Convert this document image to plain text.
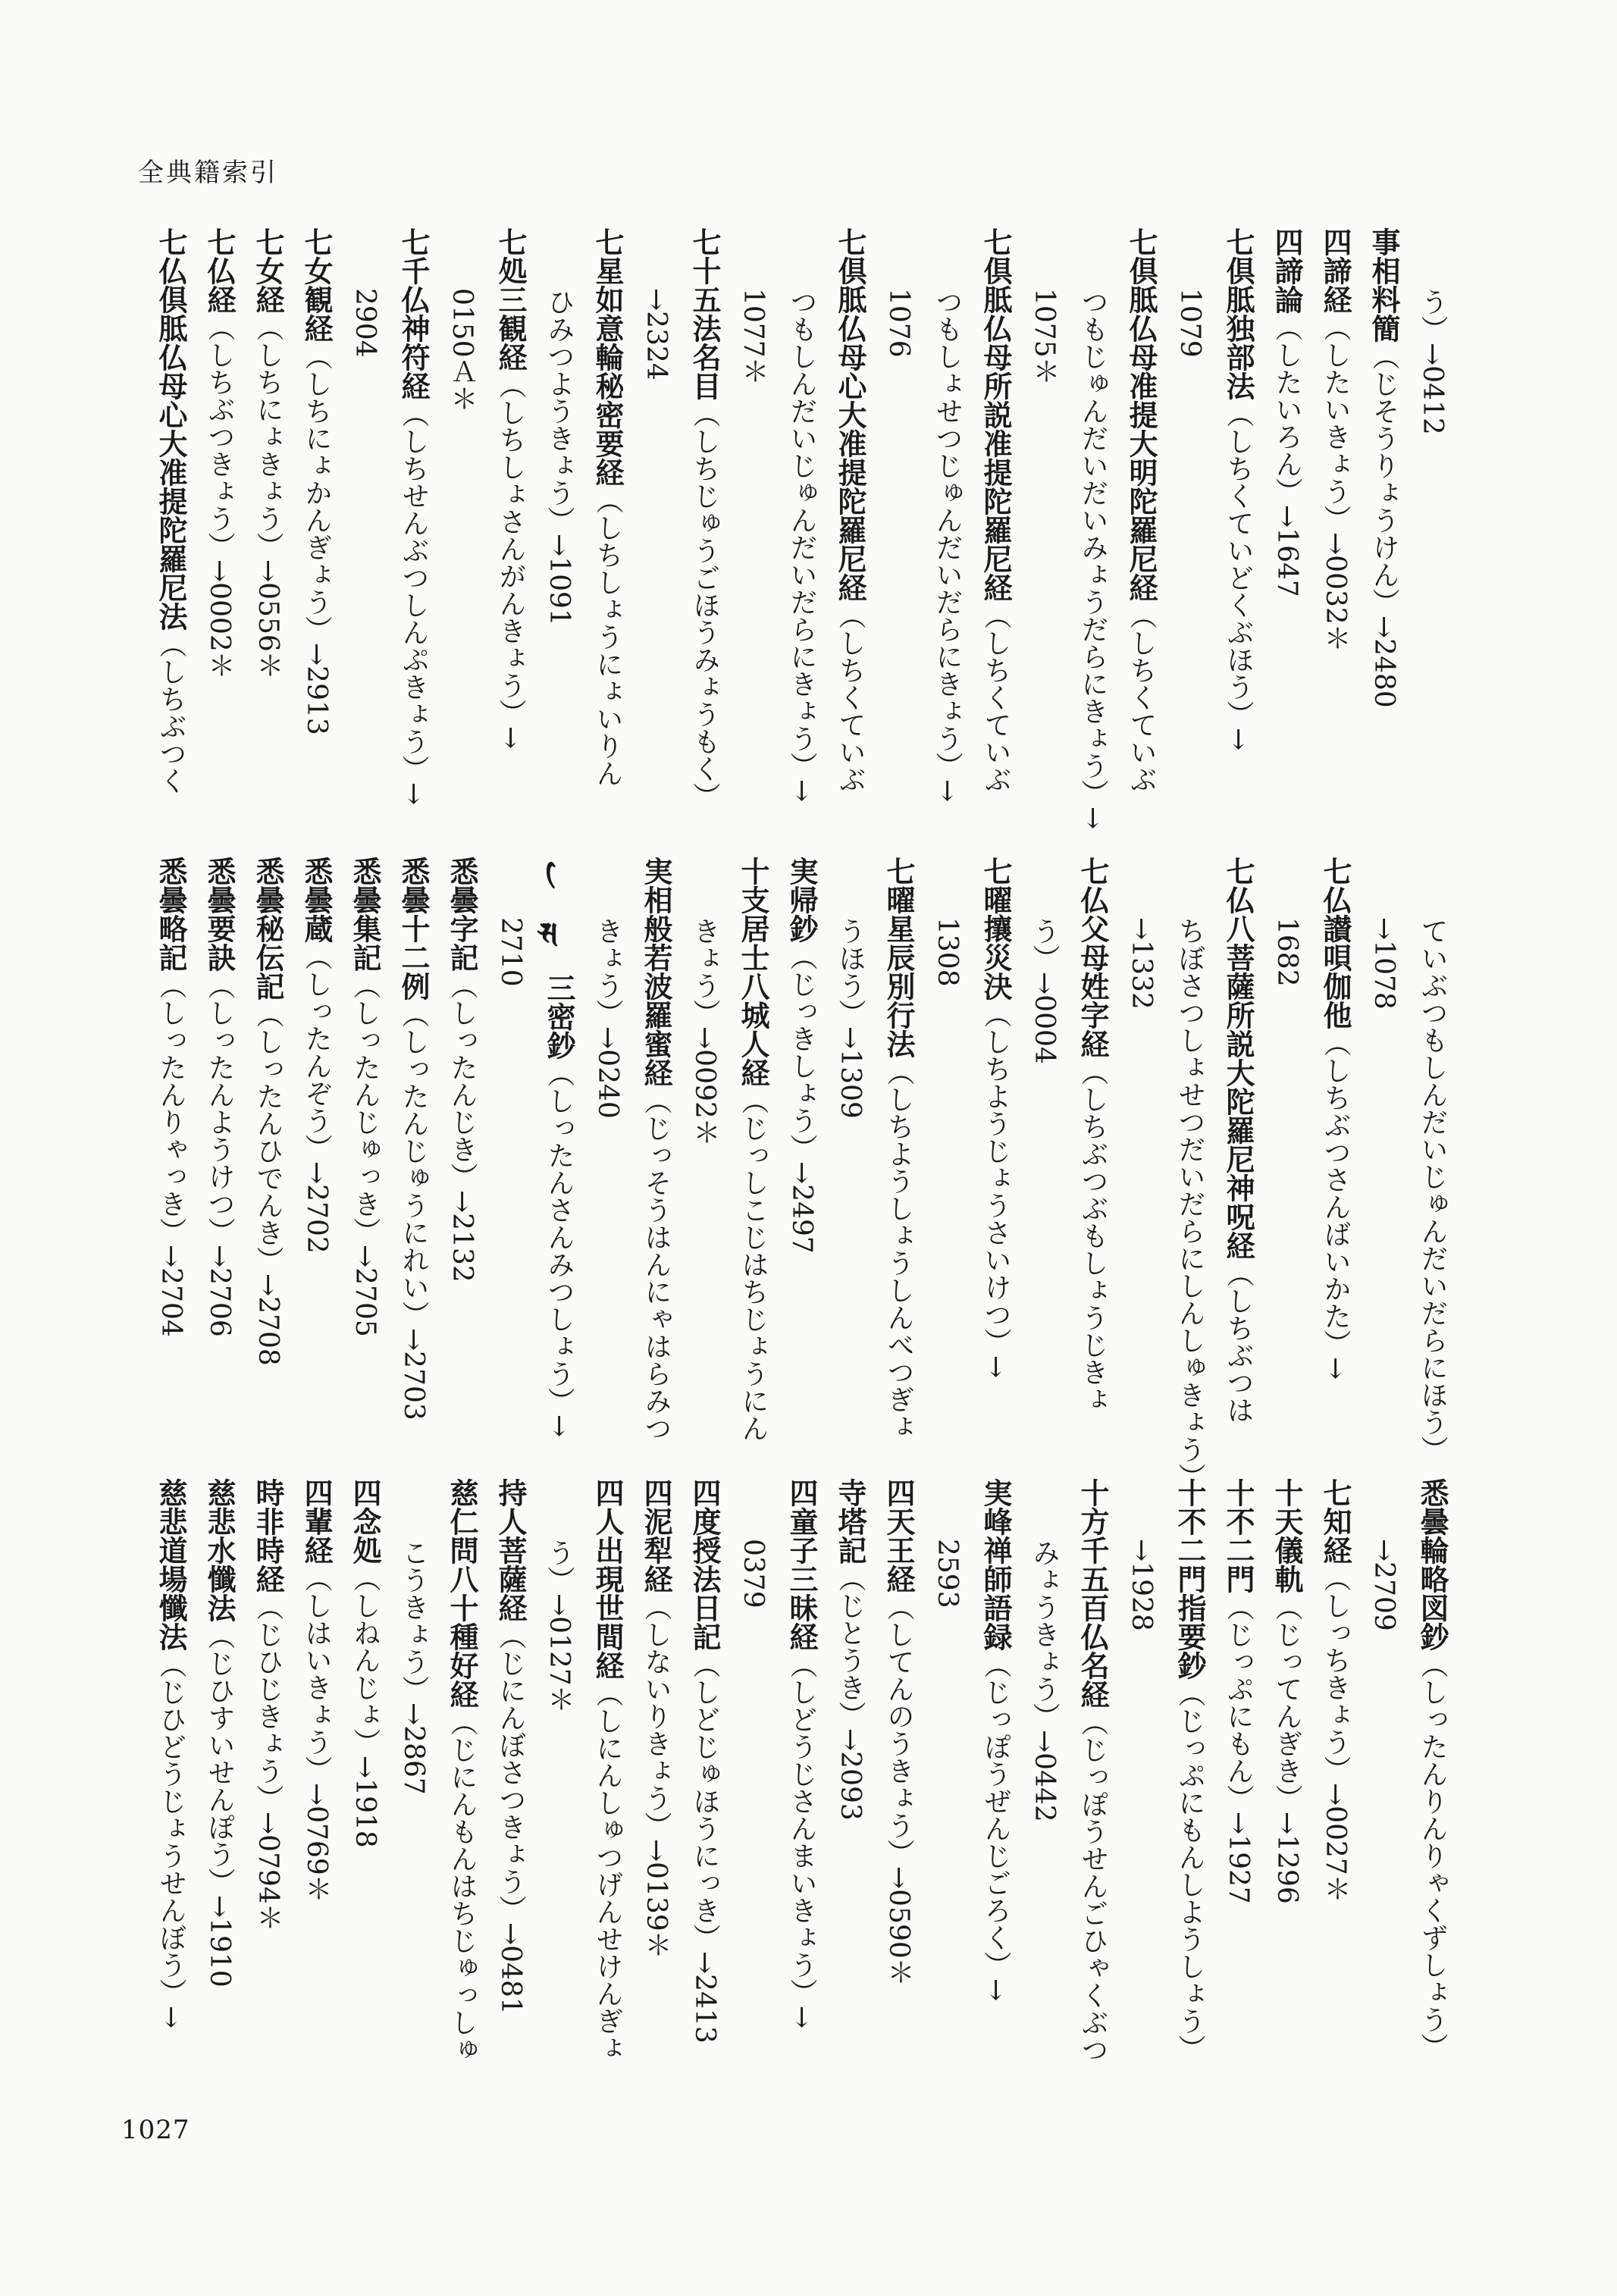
全典籍索引
う）→0412
事相料簡（じそうりょうけん）→2480
四諦経（したいきょう）→0032＊
四諦論（したいろん）→1647
七倶胝独部法（しちくていどくぶほう）→
1079
七倶胝仏母准提大明陀羅尼経（しちくていぶ
つもじゅんだいだいみょうだらにきょう）→
1075＊
七倶胝仏母所説准提陀羅尼経（しちくていぶ
つもしょせつじゅんだいだらにきょう）→
1076
七倶胝仏母心大准提陀羅尼経（しちくていぶ
つもしんだいじゅんだいだらにきょう）→
1077＊
七十五法名目（しちじゅうごほうみょうもく）
→2324
七星如意輪秘密要経（しちしょうにょいりん
ひみつようきょう）→1091
七処三観経（しちしょさんがんきょう）→
0150Ａ＊
七千仏神符経（しちせんぶつしんぷきょう）→
2904
七女観経（しちにょかんぎょう）→2913
七女経（しちにょきょう）→0556＊
七仏経（しちぶつきょう）→0002＊
七仏倶胝仏母心大准提陀羅尼法（しちぶつく
ていぶつもしんだいじゅんだいだらにほう）
→1078
七仏讃唄伽他（しちぶつさんばいかた）→
1682
七仏八菩薩所説大陀羅尼神呪経（しちぶつは
ちぼさつしょせつだいだらにしんしゅきょう）
→1332
七仏父母姓字経（しちぶつぶもしょうじきょ
う）→0004
七曜攘災決（しちようじょうさいけつ）→
1308
七曜星辰別行法（しちようしょうしんべつぎょ
うほう）→1309
実帰鈔（じっきしょう）→2497
十支居士八城人経（じっしこじはちじょうにん
きょう）→0092＊
実相般若波羅蜜経（じっそうはんにゃはらみつ
きょう）→0240
𑖭𑖰三密鈔（しったんさんみつしょう）→
2710
悉曇字記（しったんじき）→2132
悉曇十二例（しったんじゅうにれい）→2703
悉曇集記（しったんじゅっき）→2705
悉曇蔵（しったんぞう）→2702
悉曇秘伝記（しったんひでんき）→2708
悉曇要訣（しったんようけつ）→2706
悉曇略記（しったんりゃっき）→2704
悉曇輪略図鈔（しったんりんりゃくずしょう）
→2709
七知経（しっちきょう）→0027＊
十天儀軌（じってんぎき）→1296
十不二門（じっぷにもん）→1927
十不二門指要鈔（じっぷにもんしようしょう）
→1928
十方千五百仏名経（じっぽうせんごひゃくぶつ
みょうきょう）→0442
実峰禅師語録（じっぽうぜんじごろく）→
2593
四天王経（してんのうきょう）→0590＊
寺塔記（じとうき）→2093
四童子三昧経（しどうじさんまいきょう）→
0379
四度授法日記（しどじゅほうにっき）→2413
四泥犁経（しないりきょう）→0139＊
四人出現世間経（しにんしゅつげんせけんぎょ
う）→0127＊
持人菩薩経（じにんぼさつきょう）→0481
慈仁問八十種好経（じにんもんはちじゅっしゅ
こうきょう）→2867
四念処（しねんじょ）→1918
四輩経（しはいきょう）→0769＊
時非時経（じひじきょう）→0794＊
慈悲水懺法（じひすいせんぽう）→1910
慈悲道場懺法（じひどうじょうせんぼう）→
1027
